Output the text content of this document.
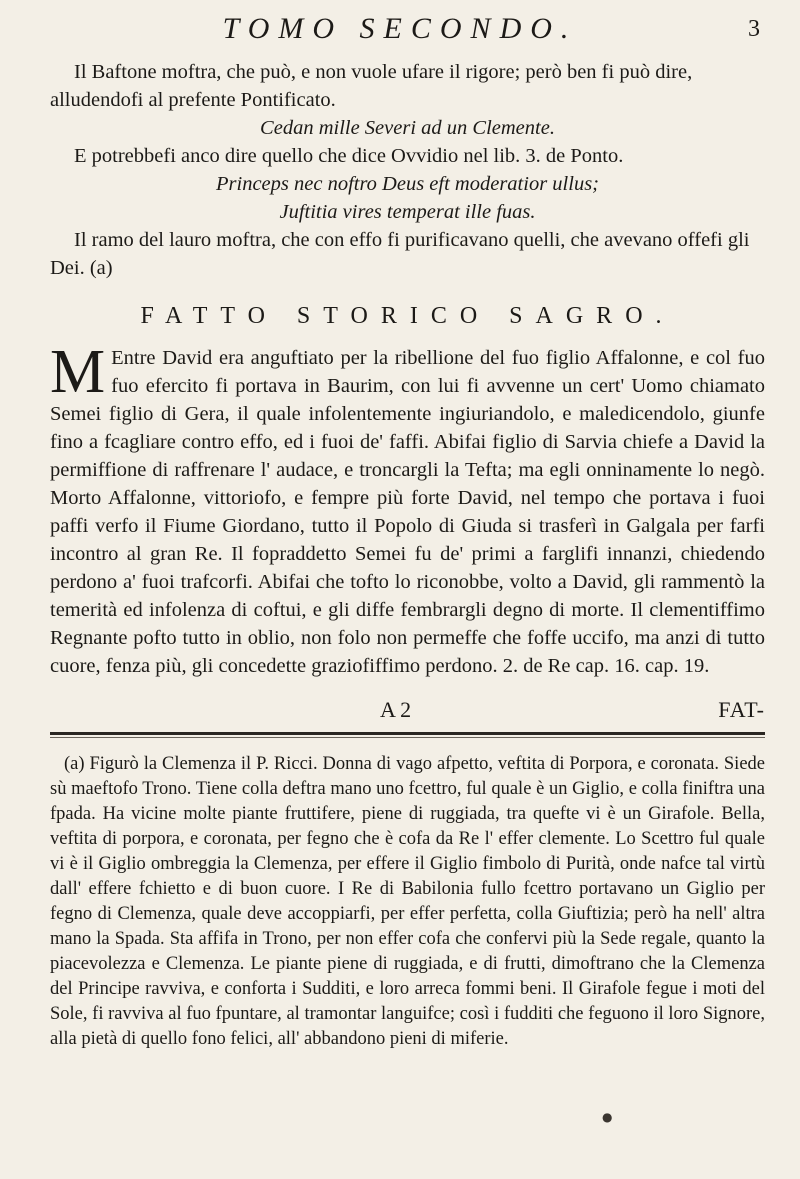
TOMO SECONDO.	3

Il Baftone moftra, che può, e non vuole ufare il rigore; però ben fi può dire, alludendofi al prefente Pontificato.

Cedan mille Severi ad un Clemente.

E potrebbefi anco dire quello che dice Ovvidio nel lib. 3. de Ponto.

Princeps nec noftro Deus eft moderatior ullus;

Juftitia vires temperat ille fuas.

Il ramo del lauro moftra, che con effo fi purificavano quelli, che avevano offefi gli Dei. (a)

FATTO STORICO SAGRO.

M Entre David era anguftiato per la ribellione del fuo figlio Affalonne, e col fuo fuo efercito fi portava in Baurim, con lui fi avvenne un cert' Uomo chiamato Semei figlio di Gera, il quale infolentemente ingiuriandolo, e maledicendolo, giunfe fino a fcagliare contro effo, ed i fuoi de' faffi. Abifai figlio di Sarvia chiefe a David la permiffione di raffrenare l' audace, e troncargli la Tefta; ma egli onninamente lo negò. Morto Affalonne, vittoriofo, e fempre più forte David, nel tempo che portava i fuoi paffi verfo il Fiume Giordano, tutto il Popolo di Giuda si trasferì in Galgala per farfi incontro al gran Re. Il fopraddetto Semei fu de' primi a farglifi innanzi, chiedendo perdono a' fuoi trafcorfi. Abifai che tofto lo riconobbe, volto a David, gli rammentò la temerità ed infolenza di coftui, e gli diffe fembrargli degno di morte. Il clementiffimo Regnante pofto tutto in oblio, non folo non permeffe che foffe uccifo, ma anzi di tutto cuore, fenza più, gli concedette graziofiffimo perdono. 2. de Re cap. 16. cap. 19.

A 2	FAT-

(a) Figurò la Clemenza il P. Ricci. Donna di vago afpetto, veftita di Porpora, e coronata. Siede sù maeftofo Trono. Tiene colla deftra mano uno fcettro, ful quale è un Giglio, e colla finiftra una fpada. Ha vicine molte piante fruttifere, piene di ruggiada, tra quefte vi è un Girafole. Bella, veftita di porpora, e coronata, per fegno che è cofa da Re l' effer clemente. Lo Scettro ful quale vi è il Giglio ombreggia la Clemenza, per effere il Giglio fimbolo di Purità, onde nafce tal virtù dall' effere fchietto e di buon cuore. I Re di Babilonia fullo fcettro portavano un Giglio per fegno di Clemenza, quale deve accoppiarfi, per effer perfetta, colla Giuftizia; però ha nell' altra mano la Spada. Sta affifa in Trono, per non effer cofa che confervi più la Sede regale, quanto la piacevolezza e Clemenza. Le piante piene di ruggiada, e di frutti, dimoftrano che la Clemenza del Principe ravviva, e conforta i Sudditi, e loro arreca fommi beni. Il Girafole fegue i moti del Sole, fi ravviva al fuo fpuntare, al tramontar languifce; così i fudditi che feguono il loro Signore, alla pietà di quello fono felici, all' abbandono pieni di miferie.

●
